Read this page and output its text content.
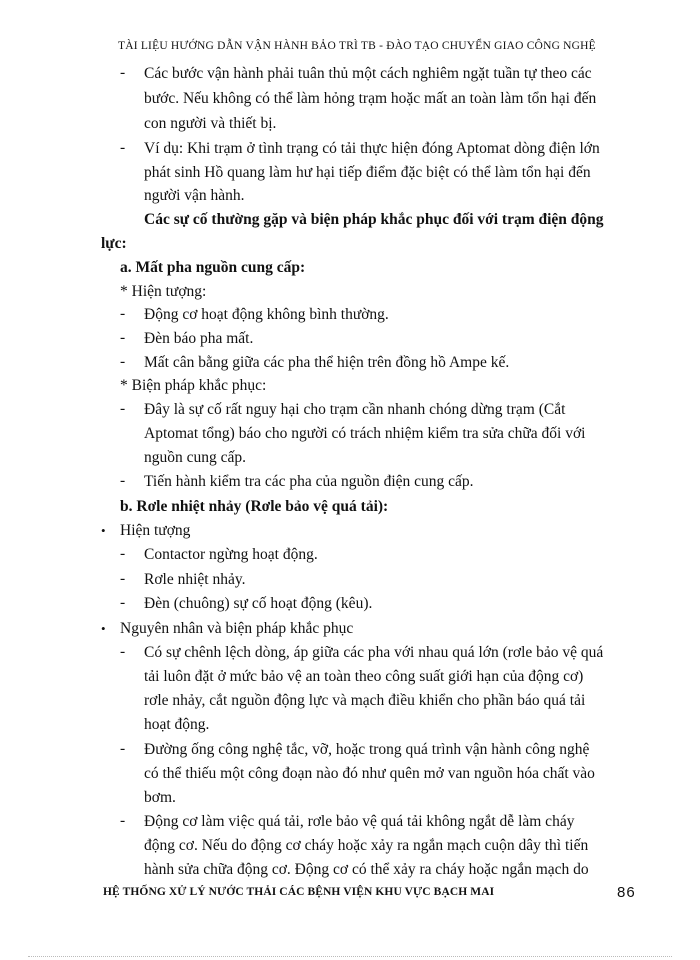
TÀI LIỆU HƯỚNG DẪN VẬN HÀNH BẢO TRÌ TB - ĐÀO TẠO CHUYỂN GIAO CÔNG NGHỆ
- Các bước vận hành phải tuân thủ một cách nghiêm ngặt tuần tự theo các
bước. Nếu không có thể làm hỏng trạm hoặc mất an toàn làm tổn hại đến
con người và thiết bị.
- Ví dụ: Khi trạm ở tình trạng có tải thực hiện đóng Aptomat dòng điện lớn
phát sinh Hồ quang làm hư hại tiếp điểm đặc biệt có thể làm tổn hại đến
người vận hành.
Các sự cố thường gặp và biện pháp khắc phục đối với trạm điện động
lực:
a. Mất pha nguồn cung cấp:
* Hiện tượng:
- Động cơ hoạt động không bình thường.
- Đèn báo pha mất.
- Mất cân bằng giữa các pha thể hiện trên đồng hồ Ampe kế.
* Biện pháp khắc phục:
- Đây là sự cố rất nguy hại cho trạm cần nhanh chóng dừng trạm (Cắt
Aptomat tổng) báo cho người có trách nhiệm kiểm tra sửa chữa đối với
nguồn cung cấp.
- Tiến hành kiểm tra các pha của nguồn điện cung cấp.
b. Rơle nhiệt nhảy (Rơle bảo vệ quá tải):
• Hiện tượng
- Contactor ngừng hoạt động.
- Rơle nhiệt nhảy.
- Đèn (chuông) sự cố hoạt động (kêu).
• Nguyên nhân và biện pháp khắc phục
- Có sự chênh lệch dòng, áp giữa các pha với nhau quá lớn (rơle bảo vệ quá
tải luôn đặt ở mức bảo vệ an toàn theo công suất giới hạn của động cơ)
rơle nhảy, cắt nguồn động lực và mạch điều khiển cho phần báo quá tải
hoạt động.
- Đường ống công nghệ tắc, vỡ, hoặc trong quá trình vận hành công nghệ
có thể thiếu một công đoạn nào đó như quên mở van nguồn hóa chất vào
bơm.
- Động cơ làm việc quá tải, rơle bảo vệ quá tải không ngắt dễ làm cháy
động cơ. Nếu do động cơ cháy hoặc xảy ra ngắn mạch cuộn dây thì tiến
hành sửa chữa động cơ. Động cơ có thể xảy ra cháy hoặc ngắn mạch do
HỆ THỐNG XỬ LÝ NƯỚC THẢI CÁC BỆNH VIỆN KHU VỰC BẠCH MAI	86
